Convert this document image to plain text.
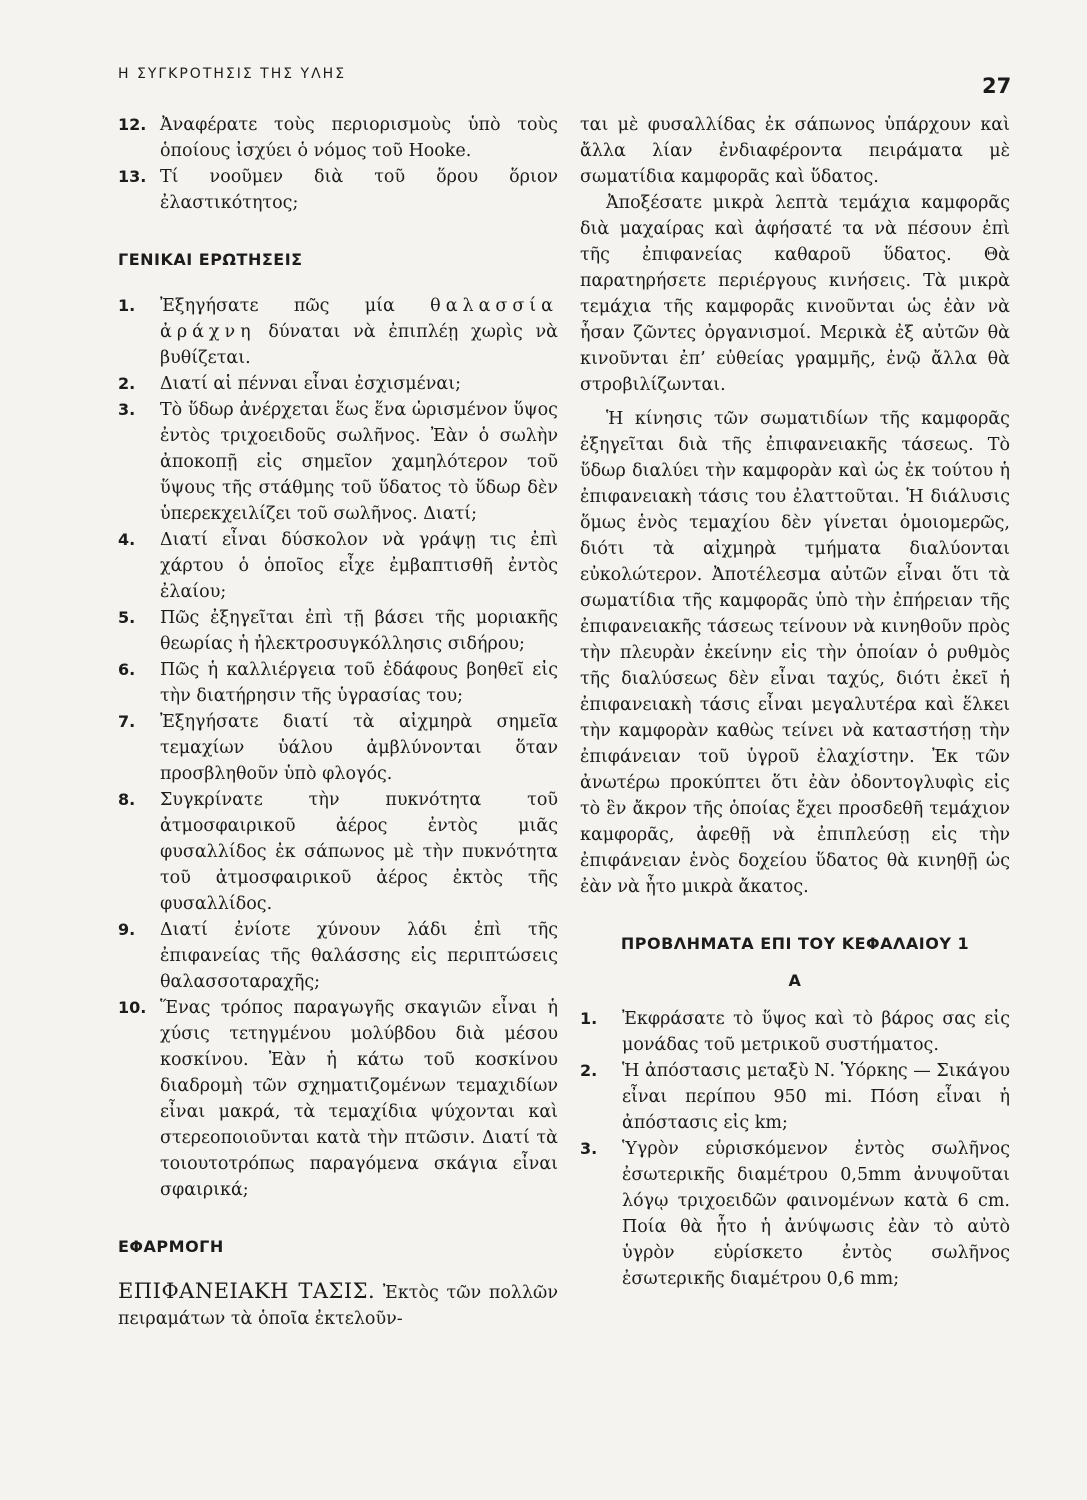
Η ΣΥΓΚΡΟΤΗΣΙΣ ΤΗΣ ΥΛΗΣ	27
12. Ἀναφέρατε τοὺς περιορισμοὺς ὑπὸ τοὺς ὁποίους ἰσχύει ὁ νόμος τοῦ Hooke.
13. Τί νοοῦμεν διὰ τοῦ ὅρου ὅριον ἐλαστικότητος;
ΓΕΝΙΚΑΙ ΕΡΩΤΗΣΕΙΣ
1. Ἐξηγήσατε πῶς μία θαλασσία ἀράχνη δύναται νὰ ἐπιπλέῃ χωρὶς νὰ βυθίζεται.
2. Διατί αἱ πένναι εἶναι ἐσχισμέναι;
3. Τὸ ὕδωρ ἀνέρχεται ἕως ἕνα ὡρισμένον ὕψος ἐντὸς τριχοειδοῦς σωλῆνος. Ἐὰν ὁ σωλὴν ἀποκοπῇ εἰς σημεῖον χαμηλότερον τοῦ ὕψους τῆς στάθμης τοῦ ὕδατος τὸ ὕδωρ δὲν ὑπερεκχειλίζει τοῦ σωλῆνος. Διατί;
4. Διατί εἶναι δύσκολον νὰ γράψῃ τις ἐπὶ χάρτου ὁ ὁποῖος εἶχε ἐμβαπτισθῆ ἐντὸς ἐλαίου;
5. Πῶς ἐξηγεῖται ἐπὶ τῇ βάσει τῆς μοριακῆς θεωρίας ἡ ἠλεκτροσυγκόλλησις σιδήρου;
6. Πῶς ἡ καλλιέργεια τοῦ ἐδάφους βοηθεῖ εἰς τὴν διατήρησιν τῆς ὑγρασίας του;
7. Ἐξηγήσατε διατί τὰ αἰχμηρὰ σημεῖα τεμαχίων ὑάλου ἀμβλύνονται ὅταν προσβληθοῦν ὑπὸ φλογός.
8. Συγκρίνατε τὴν πυκνότητα τοῦ ἀτμοσφαιρικοῦ ἀέρος ἐντὸς μιᾶς φυσαλλίδος ἐκ σάπωνος μὲ τὴν πυκνότητα τοῦ ἀτμοσφαιρικοῦ ἀέρος ἐκτὸς τῆς φυσαλλίδος.
9. Διατί ἐνίοτε χύνουν λάδι ἐπὶ τῆς ἐπιφανείας τῆς θαλάσσης εἰς περιπτώσεις θαλασσοταραχῆς;
10. Ἕνας τρόπος παραγωγῆς σκαγιῶν εἶναι ἡ χύσις τετηγμένου μολύβδου διὰ μέσου κοσκίνου. Ἐὰν ἡ κάτω τοῦ κοσκίνου διαδρομὴ τῶν σχηματιζομένων τεμαχιδίων εἶναι μακρά, τὰ τεμαχίδια ψύχονται καὶ στερεοποιοῦνται κατὰ τὴν πτῶσιν. Διατί τὰ τοιουτοτρόπως παραγόμενα σκάγια εἶναι σφαιρικά;
ΕΦΑΡΜΟΓΗ
ΕΠΙΦΑΝΕΙΑΚΗ ΤΑΣΙΣ. Ἐκτὸς τῶν πολλῶν πειραμάτων τὰ ὁποῖα ἐκτελοῦν-
ται μὲ φυσαλλίδας ἐκ σάπωνος ὑπάρχουν καὶ ἄλλα λίαν ἐνδιαφέροντα πειράματα μὲ σωματίδια καμφορᾶς καὶ ὕδατος.
Ἀποξέσατε μικρὰ λεπτὰ τεμάχια καμφορᾶς διὰ μαχαίρας καὶ ἀφήσατέ τα νὰ πέσουν ἐπὶ τῆς ἐπιφανείας καθαροῦ ὕδατος. Θὰ παρατηρήσετε περιέργους κινήσεις. Τὰ μικρὰ τεμάχια τῆς καμφορᾶς κινοῦνται ὡς ἐὰν νὰ ἦσαν ζῶντες ὀργανισμοί. Μερικὰ ἐξ αὐτῶν θὰ κινοῦνται ἐπ’ εὐθείας γραμμῆς, ἐνῷ ἄλλα θὰ στροβιλίζωνται.
Ἡ κίνησις τῶν σωματιδίων τῆς καμφορᾶς ἐξηγεῖται διὰ τῆς ἐπιφανειακῆς τάσεως. Τὸ ὕδωρ διαλύει τὴν καμφορὰν καὶ ὡς ἐκ τούτου ἡ ἐπιφανειακὴ τάσις του ἐλαττοῦται. Ἡ διάλυσις ὅμως ἑνὸς τεμαχίου δὲν γίνεται ὁμοιομερῶς, διότι τὰ αἰχμηρὰ τμήματα διαλύονται εὐκολώτερον. Ἀποτέλεσμα αὐτῶν εἶναι ὅτι τὰ σωματίδια τῆς καμφορᾶς ὑπὸ τὴν ἐπήρειαν τῆς ἐπιφανειακῆς τάσεως τείνουν νὰ κινηθοῦν πρὸς τὴν πλευρὰν ἐκείνην εἰς τὴν ὁποίαν ὁ ρυθμὸς τῆς διαλύσεως δὲν εἶναι ταχύς, διότι ἐκεῖ ἡ ἐπιφανειακὴ τάσις εἶναι μεγαλυτέρα καὶ ἕλκει τὴν καμφορὰν καθὼς τείνει νὰ καταστήσῃ τὴν ἐπιφάνειαν τοῦ ὑγροῦ ἐλαχίστην. Ἐκ τῶν ἀνωτέρω προκύπτει ὅτι ἐὰν ὀδοντογλυφὶς εἰς τὸ ἓν ἄκρον τῆς ὁποίας ἔχει προσδεθῆ τεμάχιον καμφορᾶς, ἀφεθῇ νὰ ἐπιπλεύσῃ εἰς τὴν ἐπιφάνειαν ἑνὸς δοχείου ὕδατος θὰ κινηθῇ ὡς ἐὰν νὰ ἦτο μικρὰ ἄκατος.
ΠΡΟΒΛΗΜΑΤΑ ΕΠΙ ΤΟΥ ΚΕΦΑΛΑΙΟΥ 1
Α
1. Ἐκφράσατε τὸ ὕψος καὶ τὸ βάρος σας εἰς μονάδας τοῦ μετρικοῦ συστήματος.
2. Ἡ ἀπόστασις μεταξὺ Ν. Ὑόρκης — Σικάγου εἶναι περίπου 950 mi. Πόση εἶναι ἡ ἀπόστασις εἰς km;
3. Ὑγρὸν εὑρισκόμενον ἐντὸς σωλῆνος ἐσωτερικῆς διαμέτρου 0,5mm ἀνυψοῦται λόγῳ τριχοειδῶν φαινομένων κατὰ 6 cm. Ποία θὰ ἦτο ἡ ἀνύψωσις ἐὰν τὸ αὐτὸ ὑγρὸν εὑρίσκετο ἐντὸς σωλῆνος ἐσωτερικῆς διαμέτρου 0,6 mm;
